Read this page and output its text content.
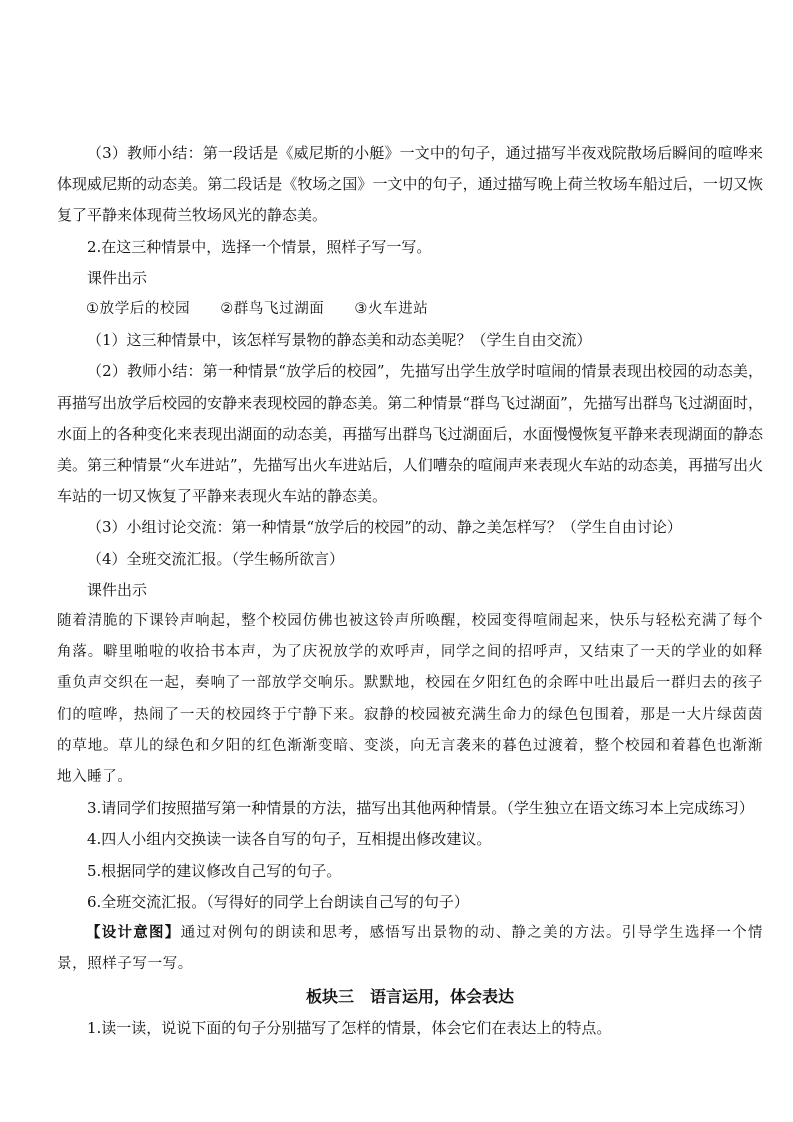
（3）教师小结：第一段话是《威尼斯的小艇》一文中的句子，通过描写半夜戏院散场后瞬间的喧哗来体现威尼斯的动态美。第二段话是《牧场之国》一文中的句子，通过描写晚上荷兰牧场车船过后，一切又恢复了平静来体现荷兰牧场风光的静态美。

2.在这三种情景中，选择一个情景，照样子写一写。

课件出示

①放学后的校园 ②群鸟飞过湖面 ③火车进站

（1）这三种情景中，该怎样写景物的静态美和动态美呢？（学生自由交流）

（2）教师小结：第一种情景“放学后的校园”，先描写出学生放学时喧闹的情景表现出校园的动态美，再描写出放学后校园的安静来表现校园的静态美。第二种情景“群鸟飞过湖面”，先描写出群鸟飞过湖面时，水面上的各种变化来表现出湖面的动态美，再描写出群鸟飞过湖面后，水面慢慢恢复平静来表现湖面的静态美。第三种情景“火车进站”，先描写出火车进站后，人们嘈杂的喧闹声来表现火车站的动态美，再描写出火车站的一切又恢复了平静来表现火车站的静态美。

（3）小组讨论交流：第一种情景“放学后的校园”的动、静之美怎样写？（学生自由讨论）

（4）全班交流汇报。（学生畅所欲言）

课件出示

随着清脆的下课铃声响起，整个校园仿佛也被这铃声所唤醒，校园变得喧闹起来，快乐与轻松充满了每个角落。噼里啪啦的收拾书本声，为了庆祝放学的欢呼声，同学之间的招呼声，又结束了一天的学业的如释重负声交织在一起，奏响了一部放学交响乐。默默地，校园在夕阳红色的余晖中吐出最后一群归去的孩子们的喧哗，热闹了一天的校园终于宁静下来。寂静的校园被充满生命力的绿色包围着，那是一大片绿茵茵的草地。草儿的绿色和夕阳的红色渐渐变暗、变淡，向无言袭来的暮色过渡着，整个校园和着暮色也渐渐地入睡了。

3.请同学们按照描写第一种情景的方法，描写出其他两种情景。（学生独立在语文练习本上完成练习）

4.四人小组内交换读一读各自写的句子，互相提出修改建议。

5.根据同学的建议修改自己写的句子。

6.全班交流汇报。（写得好的同学上台朗读自己写的句子）

【设计意图】通过对例句的朗读和思考，感悟写出景物的动、静之美的方法。引导学生选择一个情景，照样子写一写。

板块三　语言运用，体会表达

1.读一读，说说下面的句子分别描写了怎样的情景，体会它们在表达上的特点。
